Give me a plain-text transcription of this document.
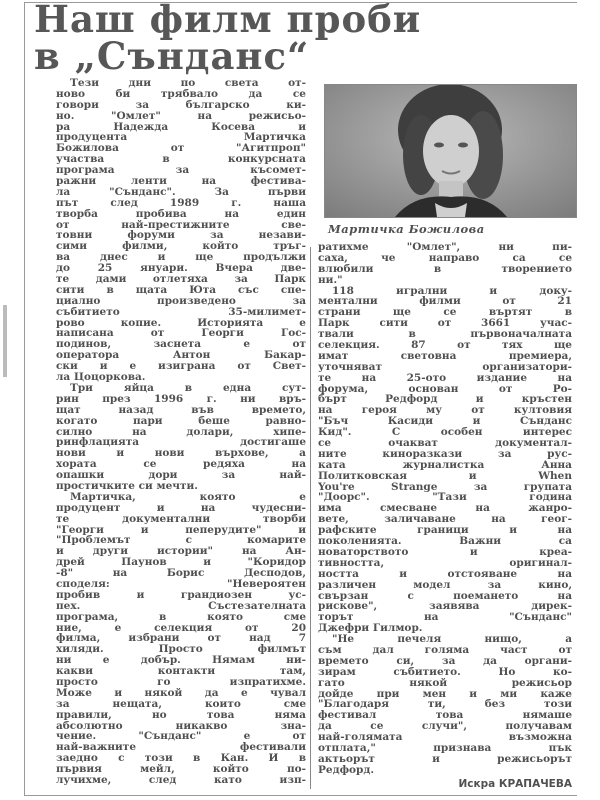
Наш филм проби
в „Сънданс“
Тези дни по света от-
ново би трябвало да се
говори за българско ки-
но. "Омлет" на режисьо-
ра Надежда Косева и
продуцента Мартичка
Божилова от "Агитпроп"
участва в конкурсната
програма за късомет-
ражни ленти на фестива-
ла "Сънданс". За първи
път след 1989 г. наша
творба пробива на един
от най-престижните све-
товни форуми за незави-
сими филми, който тръг-
ва днес и ще продължи
до 25 януари. Вчера две-
те дами отлетяха за Парк
сити в щата Юта със спе-
циално произведено за
събитието 35-милимет-
рово копие. Историята е
написана от Георги Гос-
подинов, заснета е от
оператора Антон Бакар-
ски и е изиграна от Свет-
ла Цоцоркова.
Три яйца в една сут-
рин през 1996 г. ни връ-
щат назад във времето,
когато пари беше равно-
силно на долари, хипе-
ринфлацията достигаше
нови и нови върхове, а
хората се редяха на
опашки дори за най-
простичките си мечти.
Мартичка, която е
продуцент и на чудесни-
те документални творби
"Георги и пеперудите" и
"Проблемът с комарите
и други истории" на Ан-
дрей Паунов и "Коридор
-8" на Борис Десподов,
споделя: "Невероятен
пробив и грандиозен ус-
пех. Състезателната
програма, в която сме
ние, е селекция от 20
филма, избрани от над 7
хиляди. Просто филмът
ни е добър. Нямам ни-
какви контакти там,
просто го изпратихме.
Може и някой да е чувал
за нещата, които сме
правили, но това няма
абсолютно никакво зна-
чение. "Сънданс" е от
най-важните фестивали
заедно с този в Кан. И в
първия мейл, който по-
лучихме, след като изп-
Мартичка Божилова
ратихме "Омлет", ни пи-
саха, че направо са се
влюбили в творението
ни."
118 игрални и доку-
ментални филми от 21
страни ще се въртят в
Парк сити от 3661 учас-
твали в първоначалната
селекция. 87 от тях ще
имат световна премиера,
уточняват организатори-
те на 25-ото издание на
форума, основан от Ро-
бърт Редфорд и кръстен
на героя му от култовия
"Бъч Касиди и Сънданс
Кид". С особен интерес
се очакват документал-
ните киноразкази за рус-
ката журналистка Анна
Политковская и When
You're Strange за групата
"Доорс". "Тази година
има смесване на жанро-
вете, заличаване на геог-
рафските граници и на
поколенията. Важни са
новаторството и креа-
тивността, оригинал-
ността и отстояване на
различен модел за кино,
свързан с поемането на
рискове", заявява дирек-
торът на "Сънданс"
Джефри Гилмор.
"Не печеля нищо, а
съм дал голяма част от
времето си, за да органи-
зирам събитието. Но ко-
гато някой режисьор
дойде при мен и ми каже
"Благодаря ти, без този
фестивал това нямаше
да се случи", получавам
най-голямата възможна
отплата," признава пък
актьорът и режисьорът
Редфорд.
Искра КРАПАЧЕВА
